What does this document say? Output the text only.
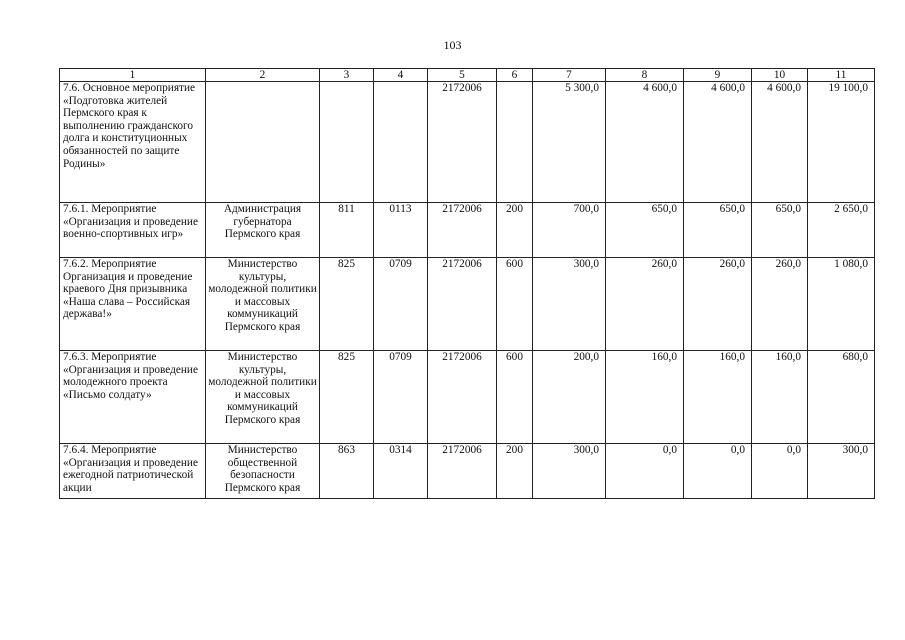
103
1	2	3	4	5	6	7	8	9	10	11
7.6. Основное мероприятие «Подготовка жителей Пермского края к выполнению гражданского долга и конституционных обязанностей по защите Родины»				2172006		5 300,0	4 600,0	4 600,0	4 600,0	19 100,0
7.6.1. Мероприятие «Организация и проведение военно-спортивных игр»	Администрация губернатора Пермского края	811	0113	2172006	200	700,0	650,0	650,0	650,0	2 650,0
7.6.2. Мероприятие Организация и проведение краевого Дня призывника «Наша слава – Российская держава!»	Министерство культуры, молодежной политики и массовых коммуникаций Пермского края	825	0709	2172006	600	300,0	260,0	260,0	260,0	1 080,0
7.6.3. Мероприятие «Организация и проведение молодежного проекта «Письмо солдату»	Министерство культуры, молодежной политики и массовых коммуникаций Пермского края	825	0709	2172006	600	200,0	160,0	160,0	160,0	680,0
7.6.4. Мероприятие «Организация и проведение ежегодной патриотической акции	Министерство общественной безопасности Пермского края	863	0314	2172006	200	300,0	0,0	0,0	0,0	300,0
